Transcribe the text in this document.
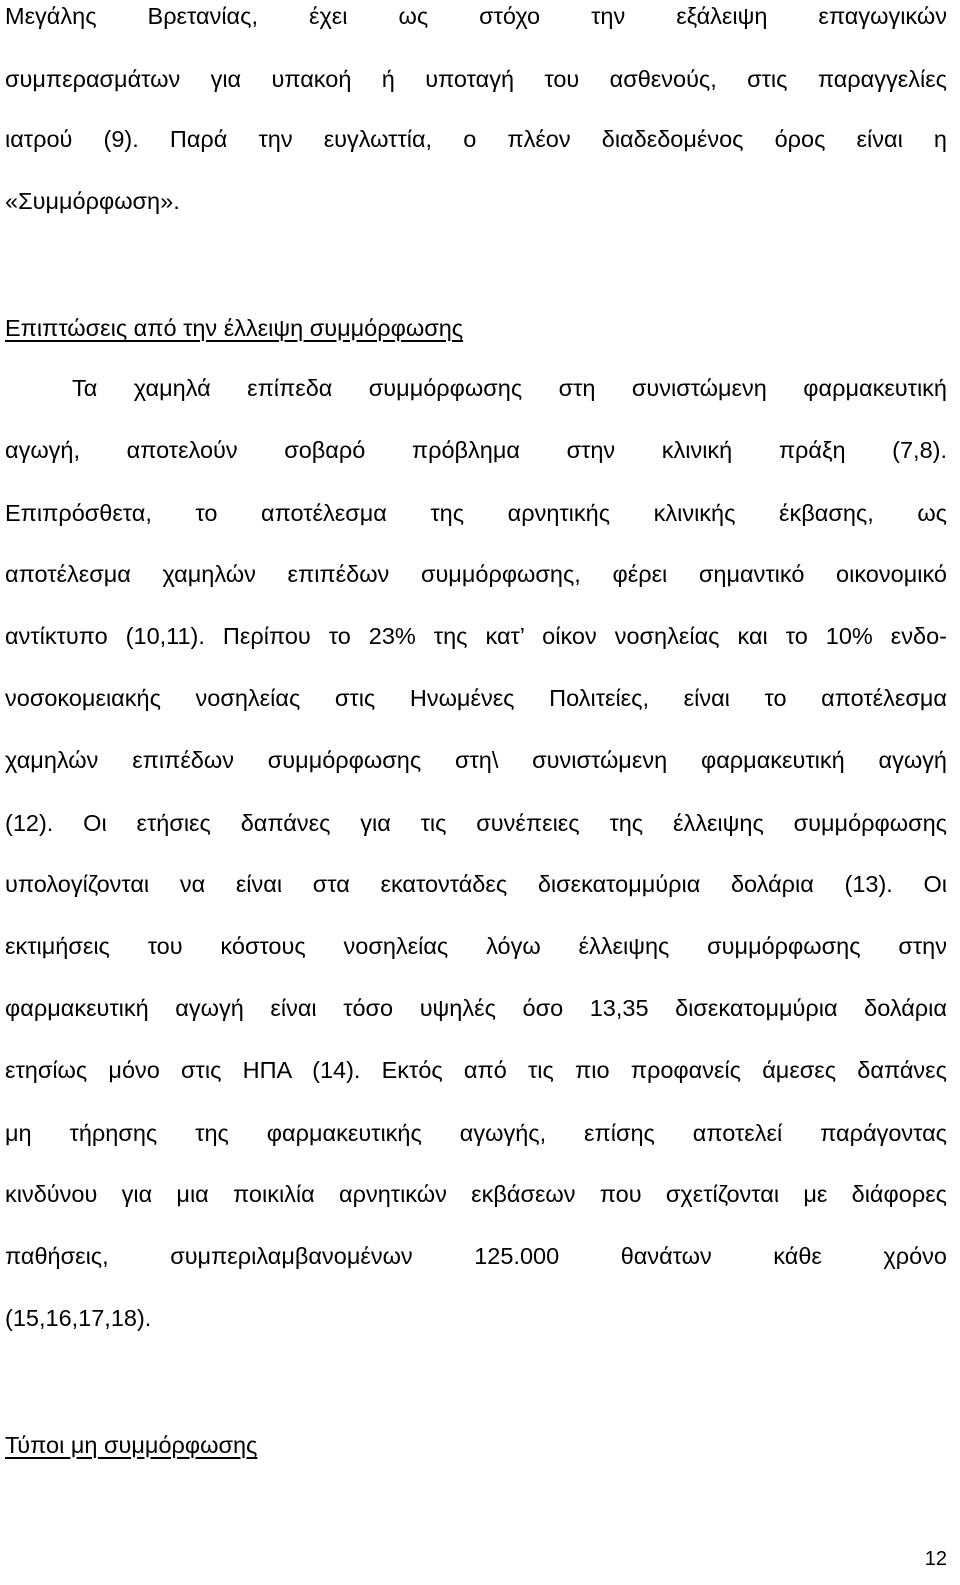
Μεγάλης Βρετανίας, έχει ως στόχο την εξάλειψη επαγωγικών
συμπερασμάτων για υπακοή ή υποταγή του ασθενούς, στις παραγγελίες
ιατρού (9). Παρά την ευγλωττία, ο πλέον διαδεδομένος όρος είναι η
«Συμμόρφωση».
Επιπτώσεις από την έλλειψη συμμόρφωσης
Τα χαμηλά επίπεδα συμμόρφωσης στη συνιστώμενη φαρμακευτική
αγωγή, αποτελούν σοβαρό πρόβλημα στην κλινική πράξη (7,8).
Επιπρόσθετα, το αποτέλεσμα της αρνητικής κλινικής έκβασης, ως
αποτέλεσμα χαμηλών επιπέδων συμμόρφωσης, φέρει σημαντικό οικονομικό
αντίκτυπο (10,11). Περίπου το 23% της κατ’ οίκον νοσηλείας και το 10% ενδο-
νοσοκομειακής νοσηλείας στις Ηνωμένες Πολιτείες, είναι το αποτέλεσμα
χαμηλών επιπέδων συμμόρφωσης στη\ συνιστώμενη φαρμακευτική αγωγή
(12). Οι ετήσιες δαπάνες για τις συνέπειες της έλλειψης συμμόρφωσης
υπολογίζονται να είναι στα εκατοντάδες δισεκατομμύρια δολάρια (13). Οι
εκτιμήσεις του κόστους νοσηλείας λόγω έλλειψης συμμόρφωσης στην
φαρμακευτική αγωγή είναι τόσο υψηλές όσο 13,35 δισεκατομμύρια δολάρια
ετησίως μόνο στις ΗΠΑ (14). Εκτός από τις πιο προφανείς άμεσες δαπάνες
μη τήρησης της φαρμακευτικής αγωγής, επίσης αποτελεί παράγοντας
κινδύνου για μια ποικιλία αρνητικών εκβάσεων που σχετίζονται με διάφορες
παθήσεις, συμπεριλαμβανομένων 125.000 θανάτων κάθε χρόνο
(15,16,17,18).
Τύποι μη συμμόρφωσης
12
